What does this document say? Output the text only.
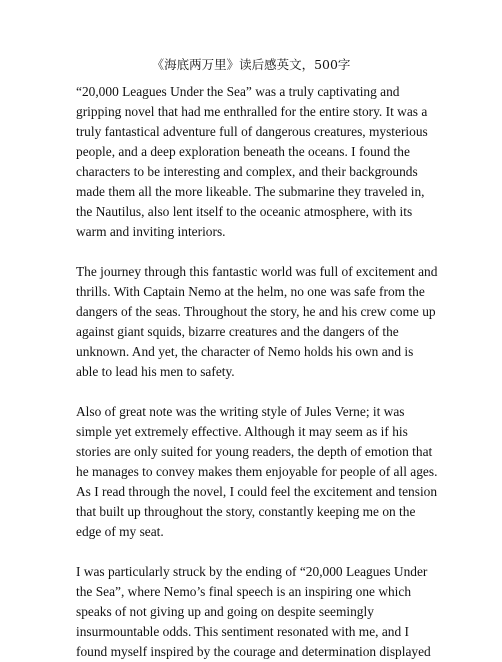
《海底两万里》读后感英文，500字
“20,000 Leagues Under the Sea” was a truly captivating and
gripping novel that had me enthralled for the entire story. It was a
truly fantastical adventure full of dangerous creatures, mysterious
people, and a deep exploration beneath the oceans. I found the
characters to be interesting and complex, and their backgrounds
made them all the more likeable. The submarine they traveled in,
the Nautilus, also lent itself to the oceanic atmosphere, with its
warm and inviting interiors.
The journey through this fantastic world was full of excitement and
thrills. With Captain Nemo at the helm, no one was safe from the
dangers of the seas. Throughout the story, he and his crew come up
against giant squids, bizarre creatures and the dangers of the
unknown. And yet, the character of Nemo holds his own and is
able to lead his men to safety.
Also of great note was the writing style of Jules Verne; it was
simple yet extremely effective. Although it may seem as if his
stories are only suited for young readers, the depth of emotion that
he manages to convey makes them enjoyable for people of all ages.
As I read through the novel, I could feel the excitement and tension
that built up throughout the story, constantly keeping me on the
edge of my seat.
I was particularly struck by the ending of “20,000 Leagues Under
the Sea”, where Nemo’s final speech is an inspiring one which
speaks of not giving up and going on despite seemingly
insurmountable odds. This sentiment resonated with me, and I
found myself inspired by the courage and determination displayed
